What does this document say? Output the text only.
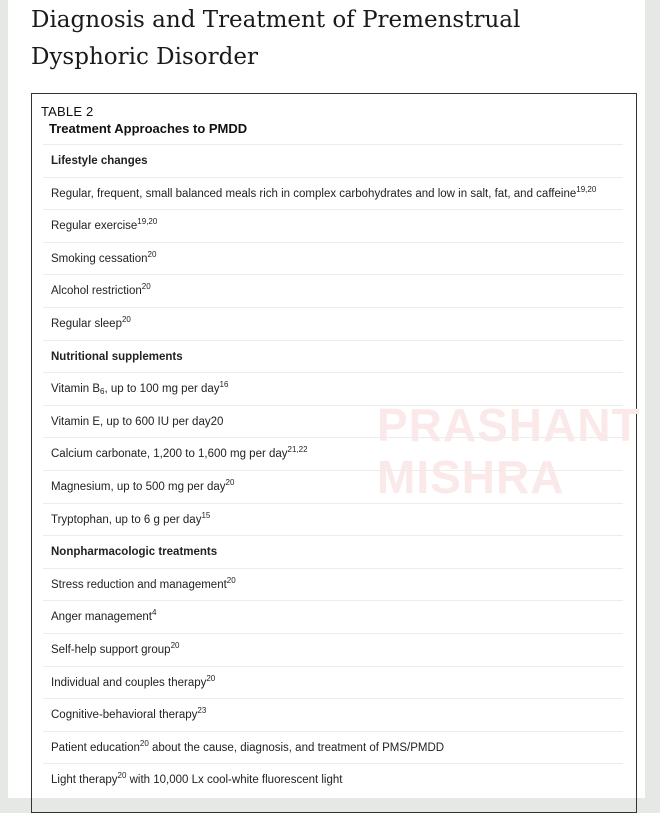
Diagnosis and Treatment of Premenstrual Dysphoric Disorder
TABLE 2
Treatment Approaches to PMDD
PRASHANT
MISHRA
Lifestyle changes
Regular, frequent, small balanced meals rich in complex carbohydrates and low in salt, fat, and caffeine$^{19,20}$
Regular exercise$^{19,20}$
Smoking cessation$^{20}$
Alcohol restriction$^{20}$
Regular sleep$^{20}$
Nutritional supplements
Vitamin $B_6$, up to 100 mg per day$^{16}$
Vitamin E, up to 600 IU per day20
Calcium carbonate, 1,200 to 1,600 mg per day$^{21,22}$
Magnesium, up to 500 mg per day$^{20}$
Tryptophan, up to 6 g per day$^{15}$
Nonpharmacologic treatments
Stress reduction and management$^{20}$
Anger management$^4$
Self-help support group$^{20}$
Individual and couples therapy$^{20}$
Cognitive-behavioral therapy$^{23}$
Patient education$^{20}$ about the cause, diagnosis, and treatment of PMS/PMDD
Light therapy$^{20}$ with 10,000 Lx cool-white fluorescent light
